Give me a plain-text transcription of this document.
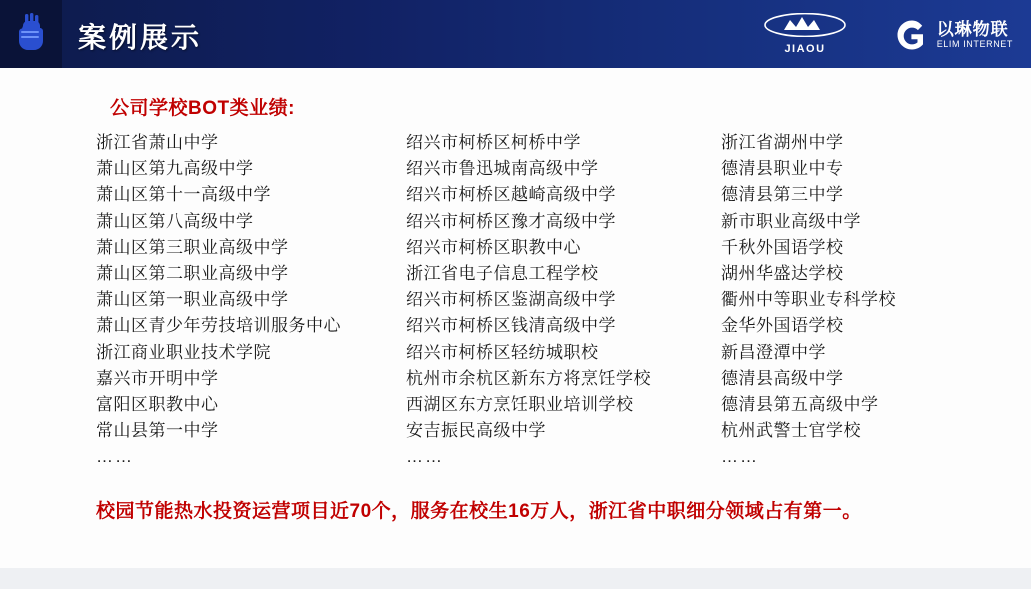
案例展示	JIAOU
以琳物联
ELIM INTERNET
公司学校BOT类业绩:
浙江省萧山中学
萧山区第九高级中学
萧山区第十一高级中学
萧山区第八高级中学
萧山区第三职业高级中学
萧山区第二职业高级中学
萧山区第一职业高级中学
萧山区青少年劳技培训服务中心
浙江商业职业技术学院
嘉兴市开明中学
富阳区职教中心
常山县第一中学
……
绍兴市柯桥区柯桥中学
绍兴市鲁迅城南高级中学
绍兴市柯桥区越崎高级中学
绍兴市柯桥区豫才高级中学
绍兴市柯桥区职教中心
浙江省电子信息工程学校
绍兴市柯桥区鉴湖高级中学
绍兴市柯桥区钱清高级中学
绍兴市柯桥区轻纺城职校
杭州市余杭区新东方将烹饪学校
西湖区东方烹饪职业培训学校
安吉振民高级中学
……
浙江省湖州中学
德清县职业中专
德清县第三中学
新市职业高级中学
千秋外国语学校
湖州华盛达学校
衢州中等职业专科学校
金华外国语学校
新昌澄潭中学
德清县高级中学
德清县第五高级中学
杭州武警士官学校
……
校园节能热水投资运营项目近70个，服务在校生16万人，浙江省中职细分领域占有第一。
